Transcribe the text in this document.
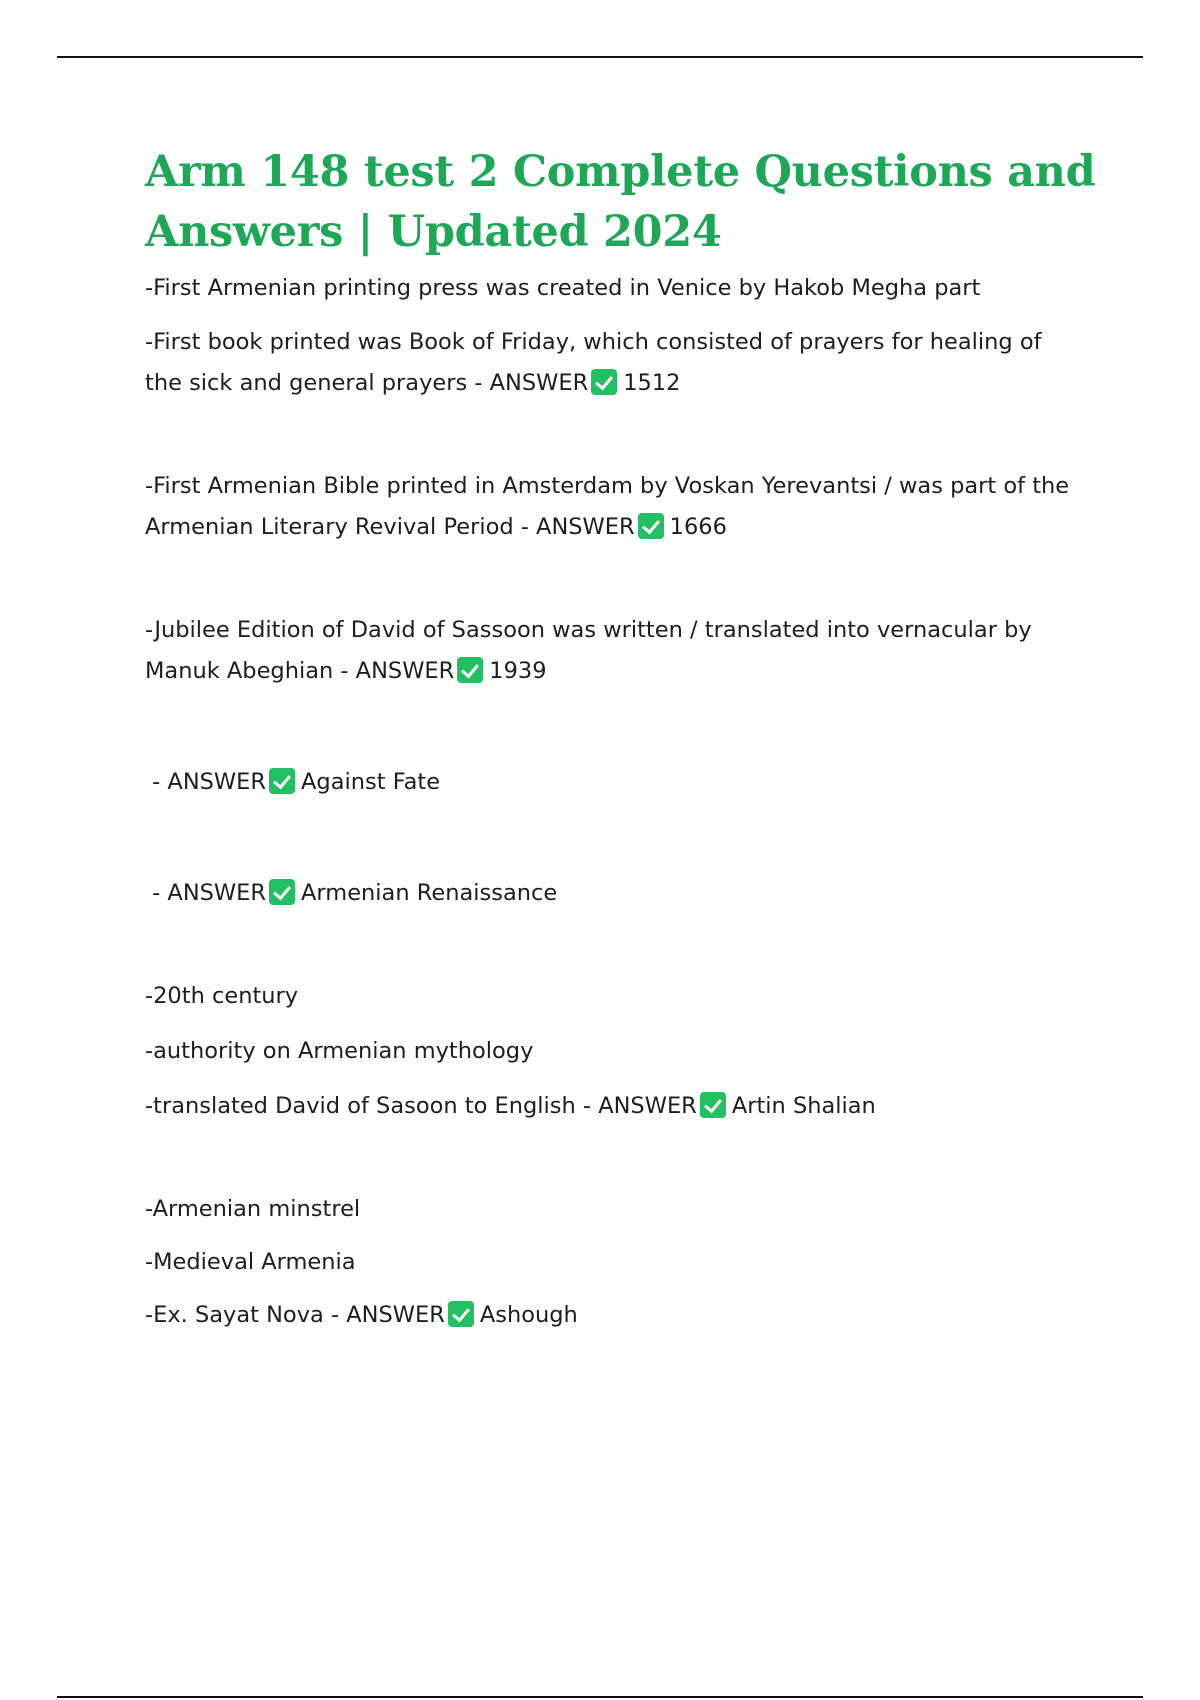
Arm 148 test 2 Complete Questions and Answers | Updated 2024

-First Armenian printing press was created in Venice by Hakob Megha part

-First book printed was Book of Friday, which consisted of prayers for healing of

the sick and general prayers - ANSWER 1512

-First Armenian Bible printed in Amsterdam by Voskan Yerevantsi / was part of the

Armenian Literary Revival Period - ANSWER 1666

-Jubilee Edition of David of Sassoon was written / translated into vernacular by

Manuk Abeghian - ANSWER 1939

- ANSWER Against Fate

- ANSWER Armenian Renaissance

-20th century

-authority on Armenian mythology

-translated David of Sasoon to English - ANSWER Artin Shalian

-Armenian minstrel

-Medieval Armenia

-Ex. Sayat Nova - ANSWER Ashough
